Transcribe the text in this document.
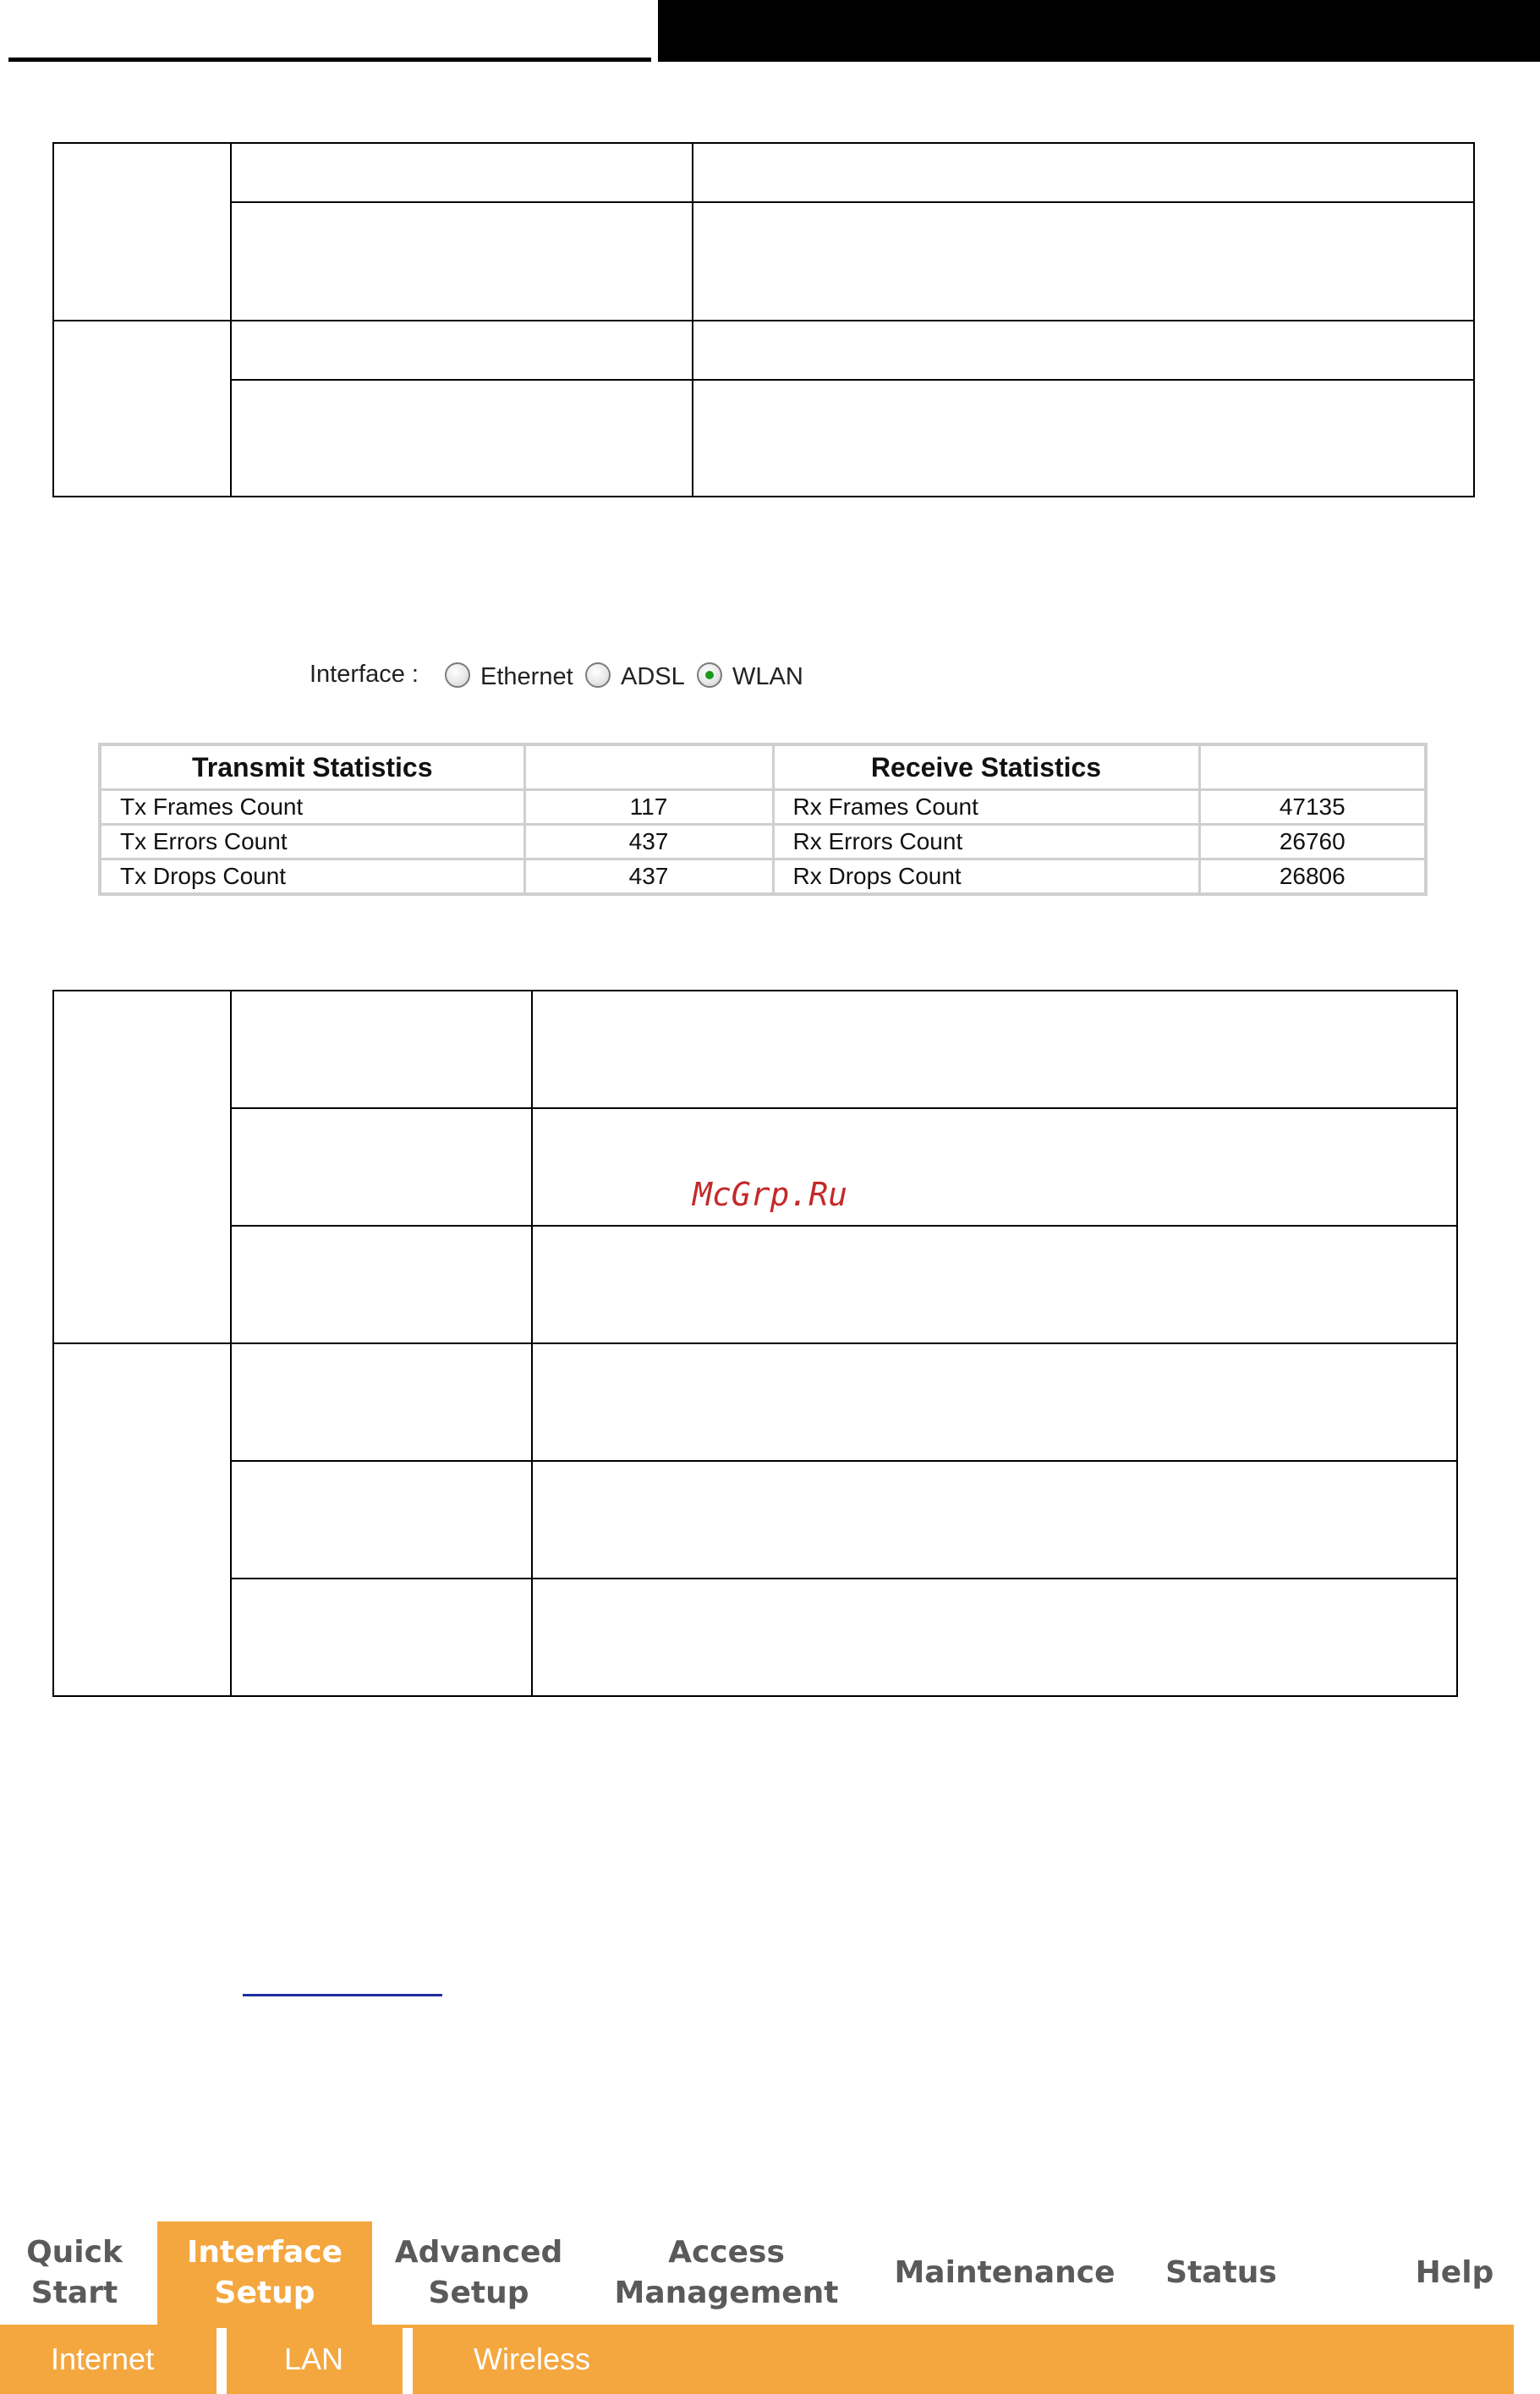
Interface :	Ethernet ADSL WLAN
Transmit Statistics		Receive Statistics	
Tx Frames Count	117	Rx Frames Count	47135
Tx Errors Count	437	Rx Errors Count	26760
Tx Drops Count	437	Rx Drops Count	26806

McGrp.Ru
Quick
Start
Interface
Setup
Advanced
Setup
Access
Management
Maintenance	Status	Help
Internet	LAN	Wireless
